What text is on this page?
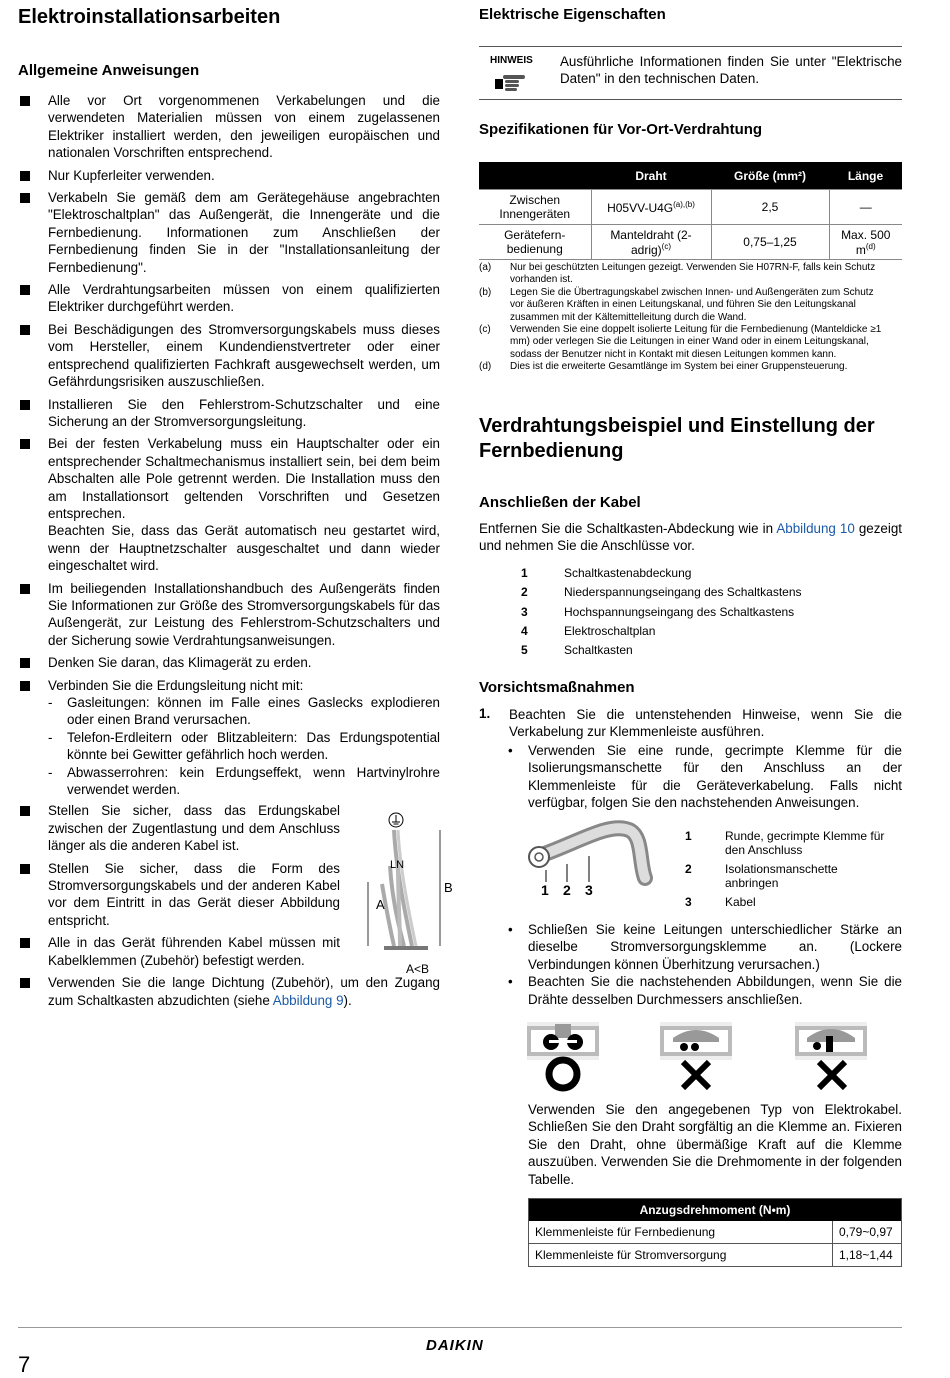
Elektroinstallationsarbeiten
Allgemeine Anweisungen
Alle vor Ort vorgenommenen Verkabelungen und die verwendeten Materialien müssen von einem zugelassenen Elektriker installiert werden, den jeweiligen europäischen und nationalen Vorschriften entsprechend.
Nur Kupferleiter verwenden.
Verkabeln Sie gemäß dem am Gerätegehäuse angebrachten "Elektroschaltplan" das Außengerät, die Innengeräte und die Fernbedienung. Informationen zum Anschließen der Fernbedienung finden Sie in der "Installationsanleitung der Fernbedienung".
Alle Verdrahtungsarbeiten müssen von einem qualifizierten Elektriker durchgeführt werden.
Bei Beschädigungen des Stromversorgungskabels muss dieses vom Hersteller, einem Kundendienstvertreter oder einer entsprechend qualifizierten Fachkraft ausgewechselt werden, um Gefährdungsrisiken auszuschließen.
Installieren Sie den Fehlerstrom-Schutzschalter und eine Sicherung an der Stromversorgungsleitung.
Bei der festen Verkabelung muss ein Hauptschalter oder ein entsprechender Schaltmechanismus installiert sein, bei dem beim Abschalten alle Pole getrennt werden. Die Installation muss den am Installationsort geltenden Vorschriften und Gesetzen entsprechen.
Beachten Sie, dass das Gerät automatisch neu gestartet wird, wenn der Hauptnetzschalter ausgeschaltet und dann wieder eingeschaltet wird.
Im beiliegenden Installationshandbuch des Außengeräts finden Sie Informationen zur Größe des Stromversorgungskabels für das Außengerät, zur Leistung des Fehlerstrom-Schutzschalters und der Sicherung sowie Verdrahtungsanweisungen.
Denken Sie daran, das Klimagerät zu erden.
Verbinden Sie die Erdungsleitung nicht mit:
- Gasleitungen: können im Falle eines Gaslecks explodieren oder einen Brand verursachen.
- Telefon-Erdleitern oder Blitzableitern: Das Erdungspotential könnte bei Gewitter gefährlich hoch werden.
- Abwasserrohren: kein Erdungseffekt, wenn Hartvinylrohre verwendet werden.
Stellen Sie sicher, dass das Erdungskabel zwischen der Zugentlastung und dem Anschluss länger als die anderen Kabel ist.
Stellen Sie sicher, dass die Form des Stromversorgungskabels und der anderen Kabel vor dem Eintritt in das Gerät dieser Abbildung entspricht.
Alle in das Gerät führenden Kabel müssen mit Kabelklemmen (Zubehör) befestigt werden.
Verwenden Sie die lange Dichtung (Zubehör), um den Zugang zum Schaltkasten abzudichten (siehe Abbildung 9).
LN
A
B
A<B
Elektrische Eigenschaften
HINWEIS Ausführliche Informationen finden Sie unter "Elektrische Daten" in den technischen Daten.
Spezifikationen für Vor-Ort-Verdrahtung
	Draht	Größe (mm²)	Länge
Zwischen Innengeräten	$H05VV-U4G^{(a),(b)}$	2,5	—
Gerätefern-bedienung	Manteldraht (2-adrig)$^{(c)}$	0,75–1,25	Max. 500 $m^{(d)}$
(a) Nur bei geschützten Leitungen gezeigt. Verwenden Sie H07RN-F, falls kein Schutz vorhanden ist.
(b) Legen Sie die Übertragungskabel zwischen Innen- und Außengeräten zum Schutz vor äußeren Kräften in einen Leitungskanal, und führen Sie den Leitungskanal zusammen mit der Kältemittelleitung durch die Wand.
(c) Verwenden Sie eine doppelt isolierte Leitung für die Fernbedienung (Manteldicke ≥1 mm) oder verlegen Sie die Leitungen in einer Wand oder in einem Leitungskanal, sodass der Benutzer nicht in Kontakt mit diesen Leitungen kommen kann.
(d) Dies ist die erweiterte Gesamtlänge im System bei einer Gruppensteuerung.
Verdrahtungsbeispiel und Einstellung der Fernbedienung
Anschließen der Kabel
Entfernen Sie die Schaltkasten-Abdeckung wie in Abbildung 10 gezeigt und nehmen Sie die Anschlüsse vor.
1	Schaltkastenabdeckung
2	Niederspannungseingang des Schaltkastens
3	Hochspannungseingang des Schaltkastens
4	Elektroschaltplan
5	Schaltkasten
Vorsichtsmaßnahmen
1. Beachten Sie die untenstehenden Hinweise, wenn Sie die Verkabelung zur Klemmenleiste ausführen.
• Verwenden Sie eine runde, gecrimpte Klemme für die Isolierungsmanschette für den Anschluss an der Klemmenleiste für die Geräteverkabelung. Falls nicht verfügbar, folgen Sie den nachstehenden Anweisungen.
1 2 3
1	Runde, gecrimpte Klemme für den Anschluss
2	Isolationsmanschette anbringen
3	Kabel
• Schließen Sie keine Leitungen unterschiedlicher Stärke an dieselbe Stromversorgungsklemme an. (Lockere Verbindungen können Überhitzung verursachen.)
• Beachten Sie die nachstehenden Abbildungen, wenn Sie die Drähte desselben Durchmessers anschließen.
Verwenden Sie den angegebenen Typ von Elektrokabel. Schließen Sie den Draht sorgfältig an die Klemme an. Fixieren Sie den Draht, ohne übermäßige Kraft auf die Klemme auszuüben. Verwenden Sie die Drehmomente in der folgenden Tabelle.
Anzugsdrehmoment (N•m)	
Klemmenleiste für Fernbedienung	0,79~0,97
Klemmenleiste für Stromversorgung	1,18~1,44
DAIKIN
7
